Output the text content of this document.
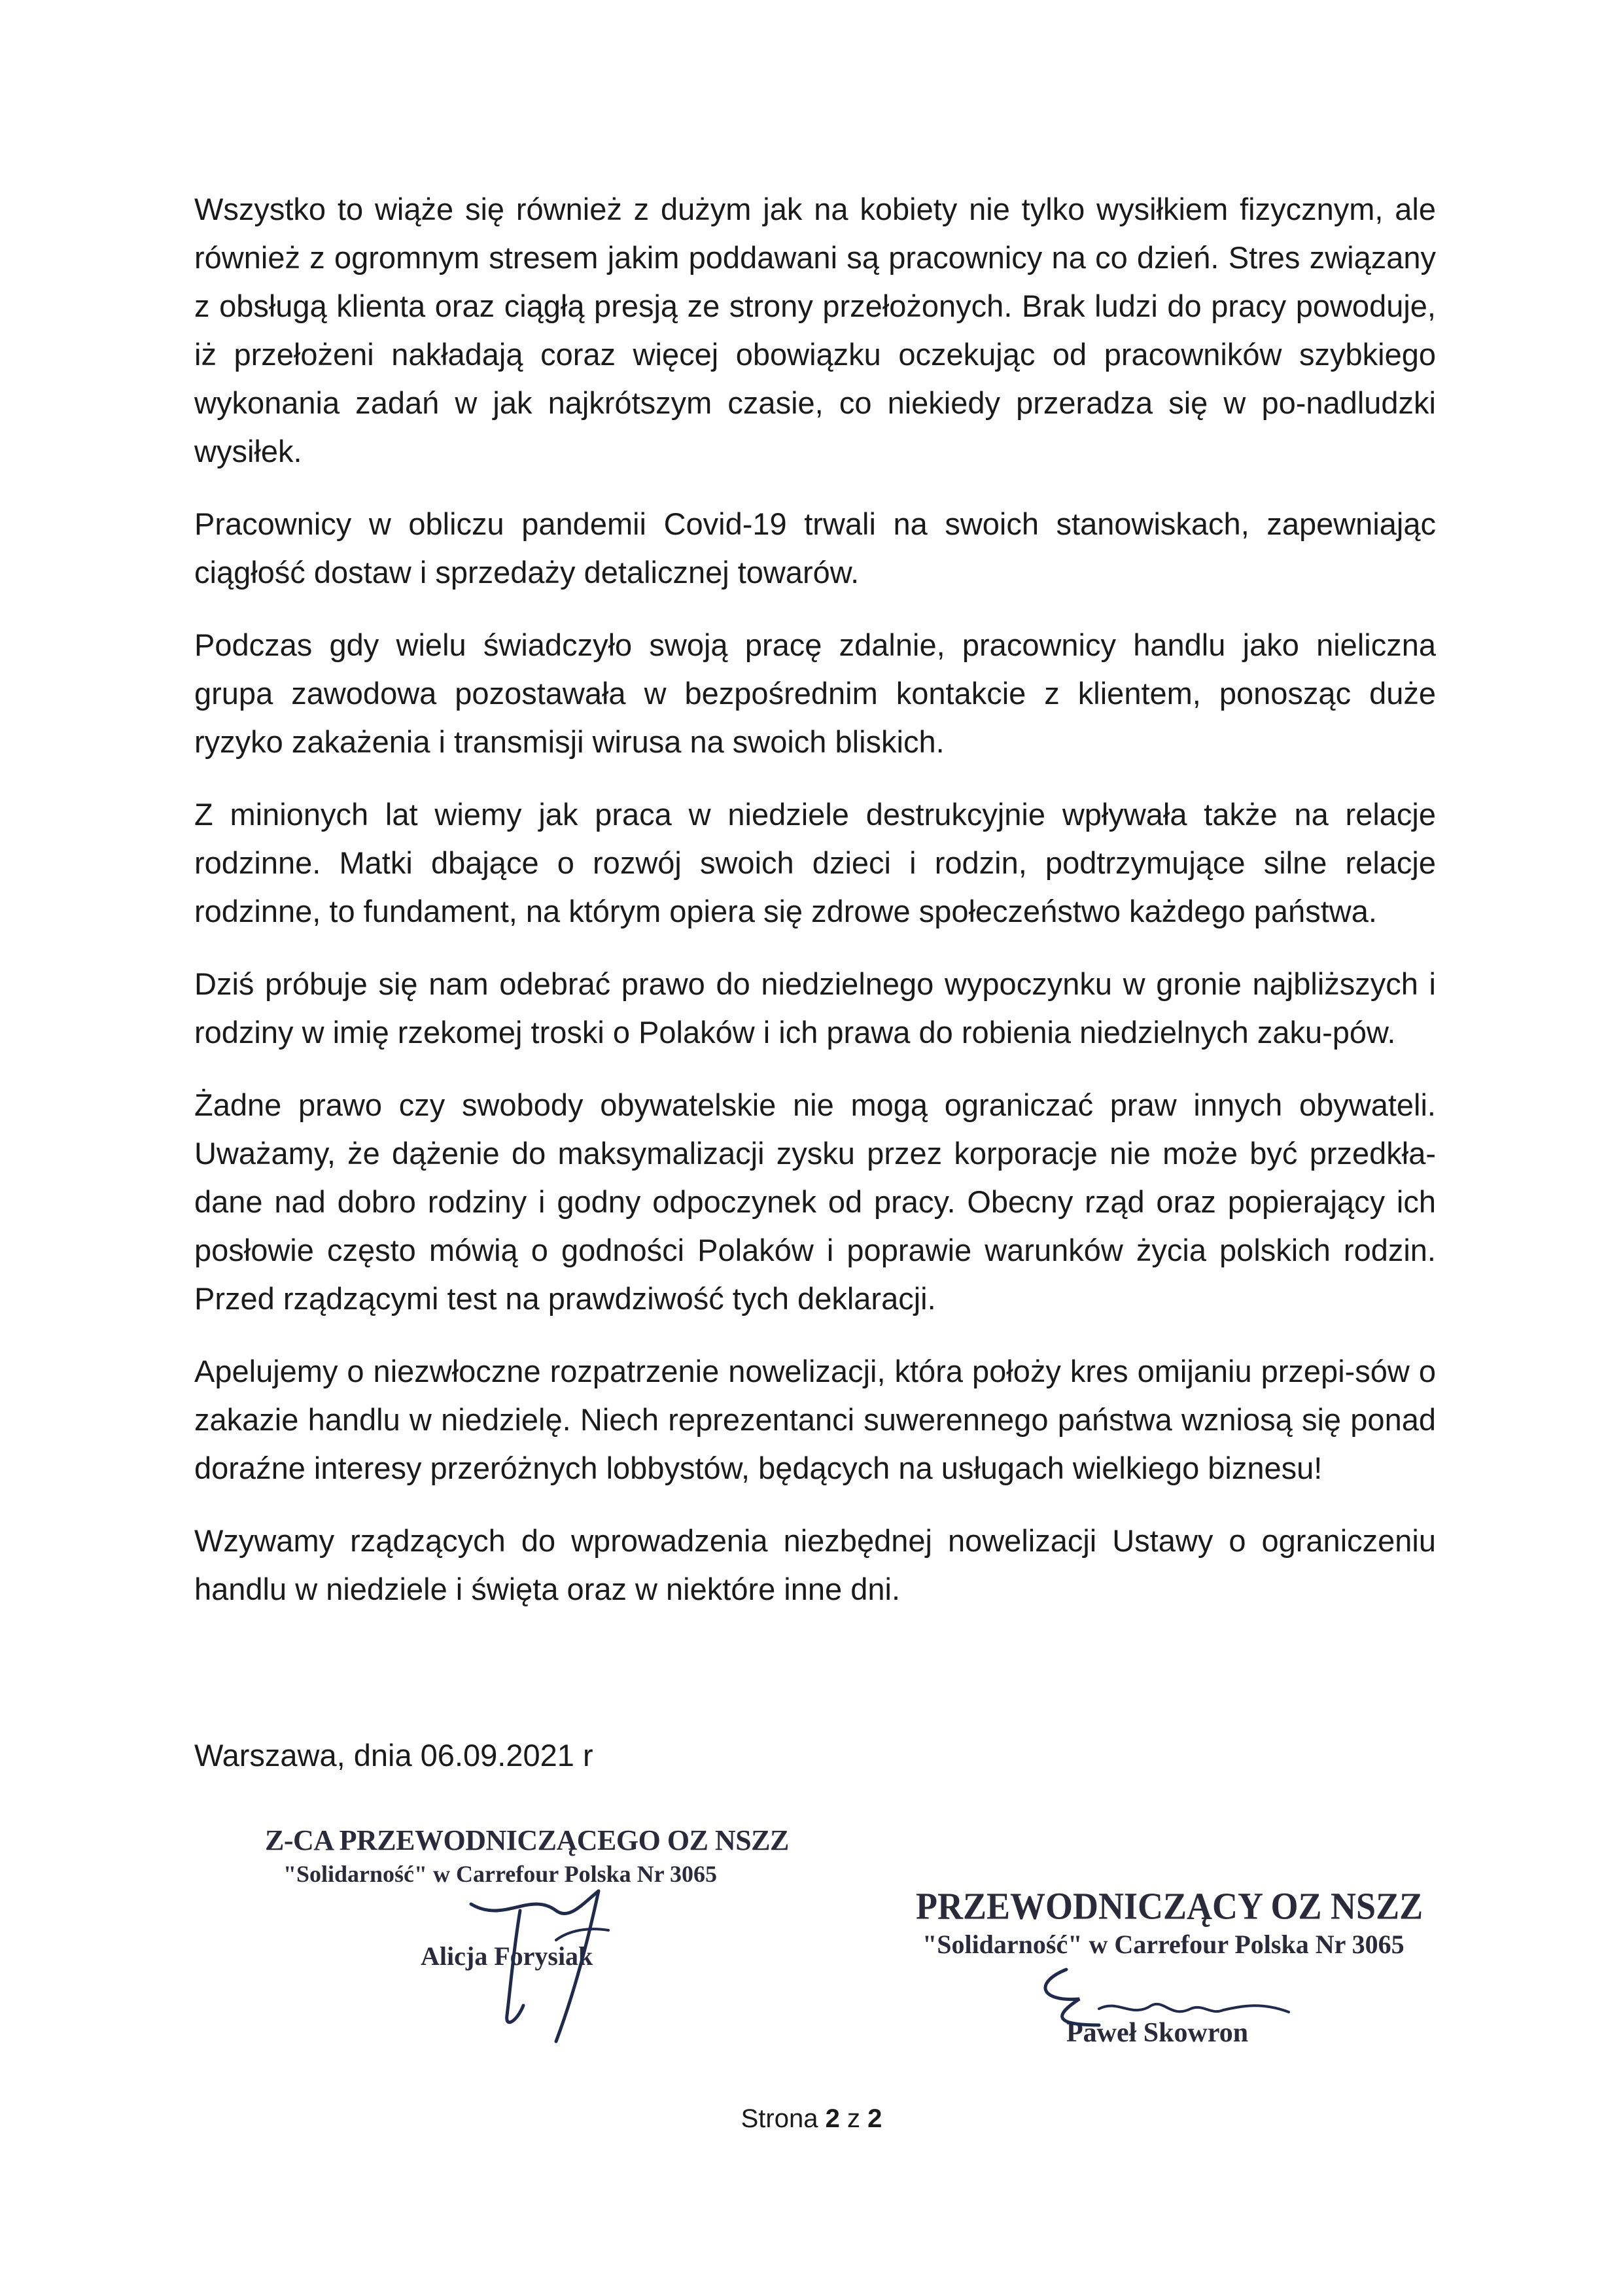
Wszystko to wiąże się również z dużym jak na kobiety nie tylko wysiłkiem fizycznym, ale również z ogromnym stresem jakim poddawani są pracownicy na co dzień. Stres związany z obsługą klienta oraz ciągłą presją ze strony przełożonych. Brak ludzi do pracy powoduje, iż przełożeni nakładają coraz więcej obowiązku oczekując od pracowników szybkiego wykonania zadań w jak najkrótszym czasie, co niekiedy przeradza się w po-nadludzki wysiłek.

Pracownicy w obliczu pandemii Covid-19 trwali na swoich stanowiskach, zapewniając ciągłość dostaw i sprzedaży detalicznej towarów.

Podczas gdy wielu świadczyło swoją pracę zdalnie, pracownicy handlu jako nieliczna grupa zawodowa pozostawała w bezpośrednim kontakcie z klientem, ponosząc duże ryzyko zakażenia i transmisji wirusa na swoich bliskich.

Z minionych lat wiemy jak praca w niedziele destrukcyjnie wpływała także na relacje rodzinne. Matki dbające o rozwój swoich dzieci i rodzin, podtrzymujące silne relacje rodzinne, to fundament, na którym opiera się zdrowe społeczeństwo każdego państwa.

Dziś próbuje się nam odebrać prawo do niedzielnego wypoczynku w gronie najbliższych i rodziny w imię rzekomej troski o Polaków i ich prawa do robienia niedzielnych zaku-pów.

Żadne prawo czy swobody obywatelskie nie mogą ograniczać praw innych obywateli. Uważamy, że dążenie do maksymalizacji zysku przez korporacje nie może być przedkła-dane nad dobro rodziny i godny odpoczynek od pracy. Obecny rząd oraz popierający ich posłowie często mówią o godności Polaków i poprawie warunków życia polskich rodzin. Przed rządzącymi test na prawdziwość tych deklaracji.

Apelujemy o niezwłoczne rozpatrzenie nowelizacji, która położy kres omijaniu przepi-sów o zakazie handlu w niedzielę. Niech reprezentanci suwerennego państwa wzniosą się ponad doraźne interesy przeróżnych lobbystów, będących na usługach wielkiego biznesu!

Wzywamy rządzących do wprowadzenia niezbędnej nowelizacji Ustawy o ograniczeniu handlu w niedziele i święta oraz w niektóre inne dni.

Warszawa, dnia 06.09.2021 r

Z-CA PRZEWODNICZĄCEGO OZ NSZZ

"Solidarność" w Carrefour Polska Nr 3065

Alicja Forysiak

PRZEWODNICZĄCY OZ NSZZ

"Solidarność" w Carrefour Polska Nr 3065

Paweł Skowron

Strona 2 z 2
